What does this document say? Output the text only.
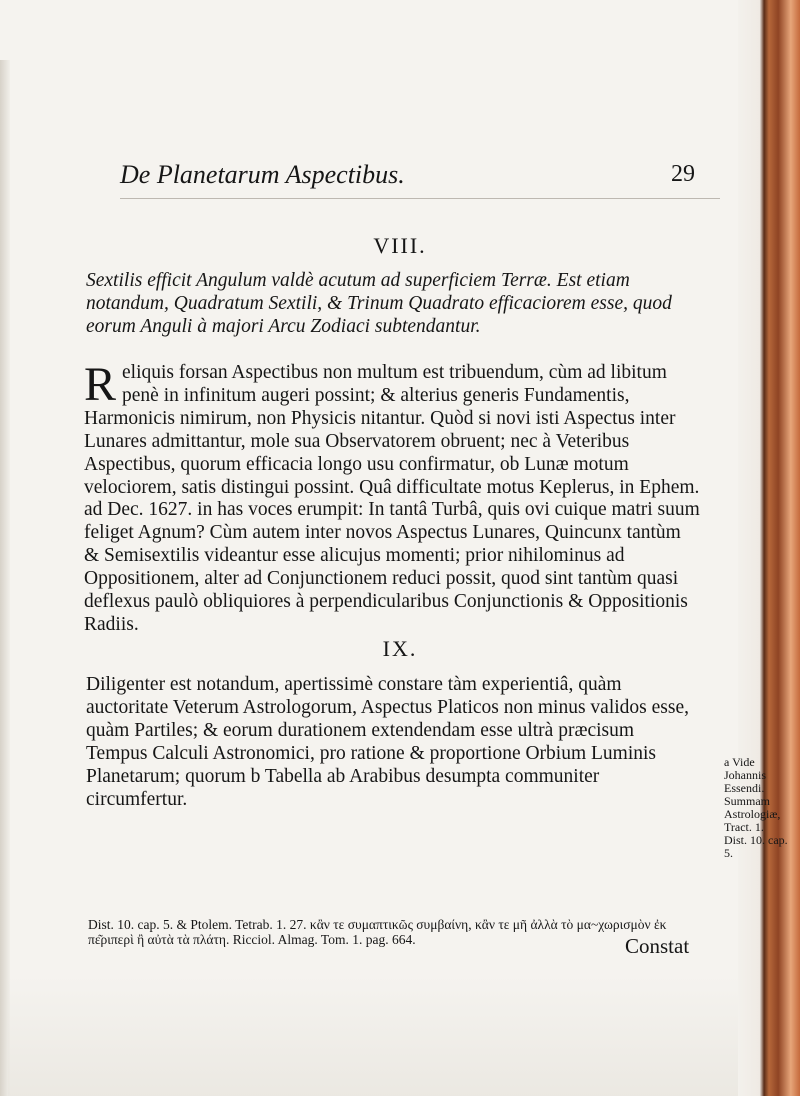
De Planetarum Aspectibus.	29
VIII.
Sextilis efficit Angulum valdè acutum ad superficiem Terræ. Est etiam notandum, Quadratum Sextili, & Trinum Quadrato efficaciorem esse, quod eorum Anguli à majori Arcu Zodiaci subtendantur.
Reliquis forsan Aspectibus non multum est tribuendum, cùm ad libitum penè in infinitum augeri possint; & alterius generis Fundamentis, Harmonicis nimirum, non Physicis nitantur. Quòd si novi isti Aspectus inter Lunares admittantur, mole sua Observatorem obruent; nec à Veteribus Aspectibus, quorum efficacia longo usu confirmatur, ob Lunæ motum velociorem, satis distingui possint. Quâ difficultate motus Keplerus, in Ephem. ad Dec. 1627. in has voces erumpit: In tantâ Turbâ, quis ovi cuique matri suum feliget Agnum? Cùm autem inter novos Aspectus Lunares, Quincunx tantùm & Semisextilis videantur esse alicujus momenti; prior nihilominus ad Oppositionem, alter ad Conjunctionem reduci possit, quod sint tantùm quasi deflexus paulò obliquiores à perpendicularibus Conjunctionis & Oppositionis Radiis.
IX.
Diligenter est notandum, apertissimè constare tàm experientiâ, quàm auctoritate Veterum Astrologorum, Aspectus Platicos non minus validos esse, quàm Partiles; & eorum durationem extendendam esse ultrà præcisum Tempus Calculi Astronomici, pro ratione & proportione Orbium Luminis Planetarum; quorum b Tabella ab Arabibus desumpta communiter circumfertur.
a Vide Johannis Essendi. Summam Astrologiæ, Tract. 1. Dist. 10. cap. 5.
Dist. 10. cap. 5. & Ptolem. Tetrab. 1. 27. κἂν τε συμαπτικῶς συμβαίνη, κἂν τε μῆ ἀλλὰ τὸ μα~χωρισμὸν ἐκ πε͂ριπερὶ ἢ αὐτὰ τὰ πλάτη. Ricciol. Almag. Tom. 1. pag. 664.	Constat
